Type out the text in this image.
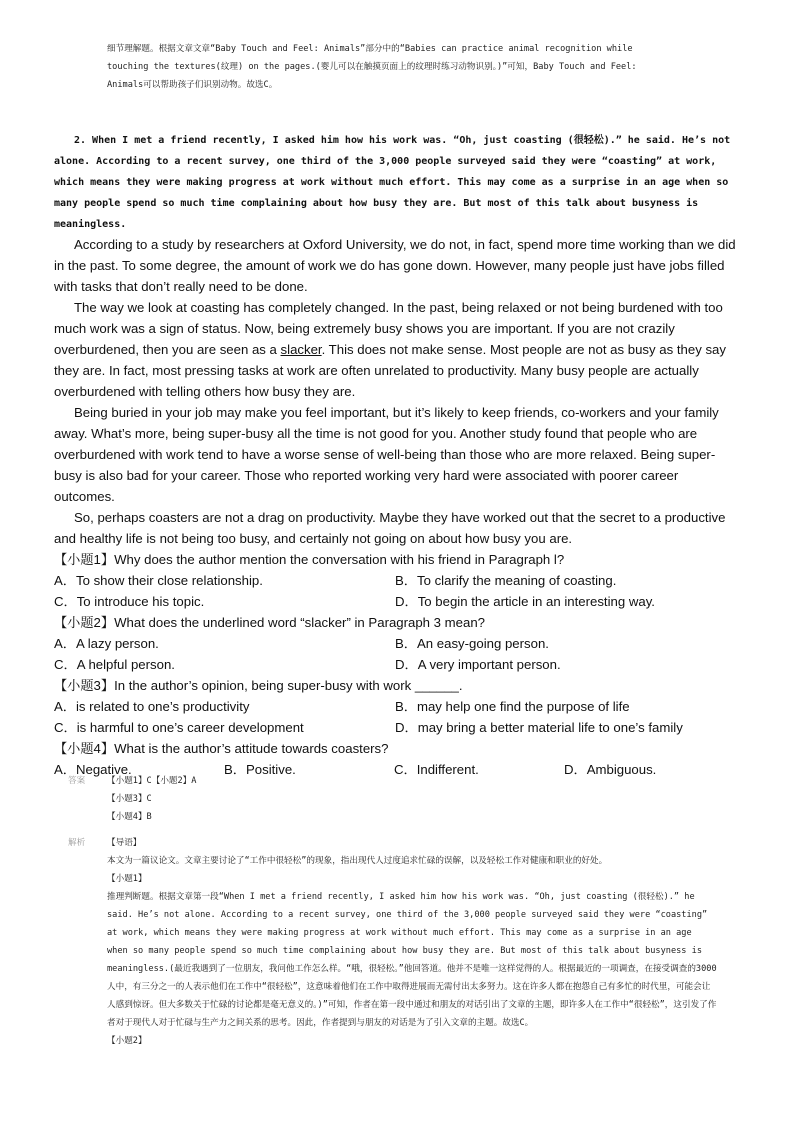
细节理解题。根据文章文章“Baby Touch and Feel: Animals”部分中的“Babies can practice animal recognition while
touching the textures(纹理) on the pages.(婴儿可以在触摸页面上的纹理时练习动物识别。)”可知，Baby Touch and Feel:
Animals可以帮助孩子们识别动物。故选C。
2. When I met a friend recently, I asked him how his work was. “Oh, just coasting (很轻松).” he said. He’s not alone. According to a recent survey, one third of the 3,000 people surveyed said they were “coasting” at work, which means they were making progress at work without much effort. This may come as a surprise in an age when so many people spend so much time complaining about how busy they are. But most of this talk about busyness is meaningless.

According to a study by researchers at Oxford University, we do not, in fact, spend more time working than we did in the past. To some degree, the amount of work we do has gone down. However, many people just have jobs filled with tasks that don’t really need to be done.

The way we look at coasting has completely changed. In the past, being relaxed or not being burdened with too much work was a sign of status. Now, being extremely busy shows you are important. If you are not crazily overburdened, then you are seen as a slacker. This does not make sense. Most people are not as busy as they say they are. In fact, most pressing tasks at work are often unrelated to productivity. Many busy people are actually overburdened with telling others how busy they are.

Being buried in your job may make you feel important, but it’s likely to keep friends, co-workers and your family away. What’s more, being super-busy all the time is not good for you. Another study found that people who are overburdened with work tend to have a worse sense of well-being than those who are more relaxed. Being super-busy is also bad for your career. Those who reported working very hard were associated with poorer career outcomes.

So, perhaps coasters are not a drag on productivity. Maybe they have worked out that the secret to a productive and healthy life is not being too busy, and certainly not going on about how busy you are.

【小题1】Why does the author mention the conversation with his friend in Paragraph l?
A．To show their close relationship.	B．To clarify the meaning of coasting.
C．To introduce his topic.	D．To begin the article in an interesting way.
【小题2】What does the underlined word “slacker” in Paragraph 3 mean?
A．A lazy person.	B．An easy-going person.
C．A helpful person.	D．A very important person.
【小题3】In the author’s opinion, being super-busy with work ______.
A．is related to one’s productivity	B．may help one find the purpose of life
C．is harmful to one’s career development	D．may bring a better material life to one’s family
【小题4】What is the author’s attitude towards coasters?
A．Negative.	B．Positive.	C．Indifferent.	D．Ambiguous.
答案	【小题1】C【小题2】A
【小题3】C
【小题4】B
解析	【导语】
本文为一篇议论文。文章主要讨论了“工作中很轻松”的现象，指出现代人过度追求忙碌的误解，以及轻松工作对健康和职业的好处。
【小题1】
推理判断题。根据文章第一段“When I met a friend recently, I asked him how his work was. “Oh, just coasting (很轻松).” he said. He’s not alone. According to a recent survey, one third of the 3,000 people surveyed said they were “coasting” at work, which means they were making progress at work without much effort. This may come as a surprise in an age when so many people spend so much time complaining about how busy they are. But most of this talk about busyness is meaningless.(最近我遇到了一位朋友，我问他工作怎么样。“哦，很轻松。”他回答道。他并不是唯一这样觉得的人。根据最近的一项调查，在接受调查的3000人中，有三分之一的人表示他们在工作中“很轻松”，这意味着他们在工作中取得进展而无需付出太多努力。这在许多人都在抱怨自己有多忙的时代里，可能会让人感到惊讶。但大多数关于忙碌的讨论都是毫无意义的。)”可知，作者在第一段中通过和朋友的对话引出了文章的主题，即许多人在工作中“很轻松”，这引发了作者对于现代人对于忙碌与生产力之间关系的思考。因此，作者提到与朋友的对话是为了引入文章的主题。故选C。
【小题2】
